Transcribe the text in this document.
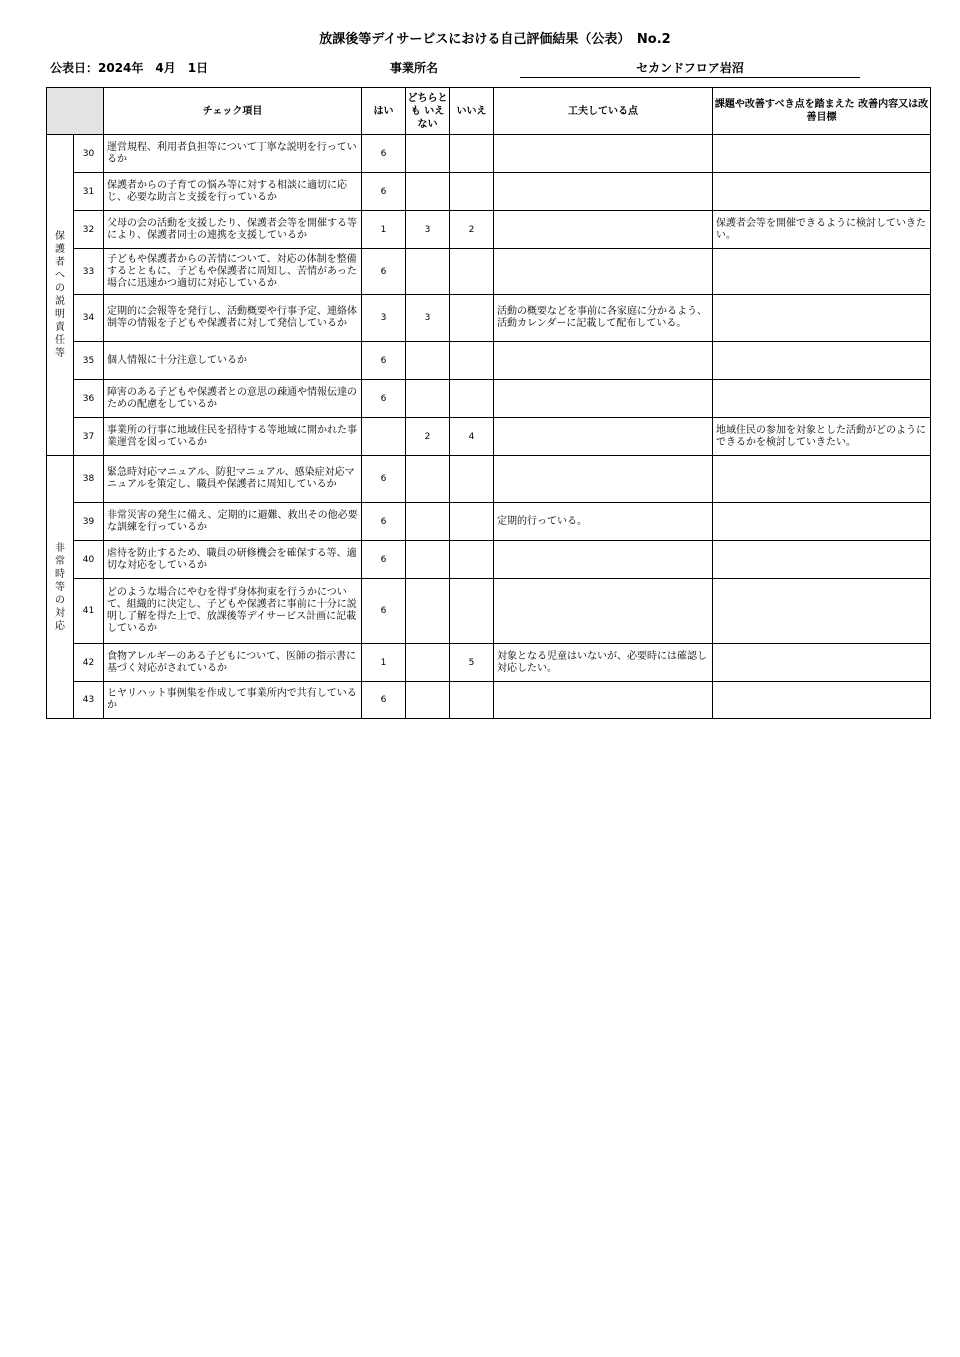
放課後等デイサービスにおける自己評価結果（公表）　No.2
公表日：2024年　4月　1日	事業所名	セカンドフロア岩沼
		チェック項目	はい	どちらとも いえない	いいえ	工夫している点	課題や改善すべき点を踏まえた 改善内容又は改善目標

保護者への説明責任等	30	運営規程、利用者負担等について丁寧な説明を行っているか	6				
	31	保護者からの子育ての悩み等に対する相談に適切に応じ、必要な助言と支援を行っているか	6				
	32	父母の会の活動を支援したり、保護者会等を開催する等により、保護者同士の連携を支援しているか	1	3	2		保護者会等を開催できるように検討していきたい。
	33	子どもや保護者からの苦情について、対応の体制を整備するとともに、子どもや保護者に周知し、苦情があった場合に迅速かつ適切に対応しているか	6				
	34	定期的に会報等を発行し、活動概要や行事予定、連絡体制等の情報を子どもや保護者に対して発信しているか	3	3		活動の概要などを事前に各家庭に分かるよう、活動カレンダーに記載して配布している。	
	35	個人情報に十分注意しているか	6				
	36	障害のある子どもや保護者との意思の疎通や情報伝達のための配慮をしているか	6				
	37	事業所の行事に地域住民を招待する等地域に開かれた事業運営を図っているか		2	4		地域住民の参加を対象とした活動がどのようにできるかを検討していきたい。

非常時等の対応	38	緊急時対応マニュアル、防犯マニュアル、感染症対応マニュアルを策定し、職員や保護者に周知しているか	6				
	39	非常災害の発生に備え、定期的に避難、救出その他必要な訓練を行っているか	6			定期的行っている。	
	40	虐待を防止するため、職員の研修機会を確保する等、適切な対応をしているか	6				
	41	どのような場合にやむを得ず身体拘束を行うかについて、組織的に決定し、子どもや保護者に事前に十分に説明し了解を得た上で、放課後等デイサービス計画に記載しているか	6				
	42	食物アレルギーのある子どもについて、医師の指示書に基づく対応がされているか	1		5	対象となる児童はいないが、必要時には確認し対応したい。	
	43	ヒヤリハット事例集を作成して事業所内で共有しているか	6				
